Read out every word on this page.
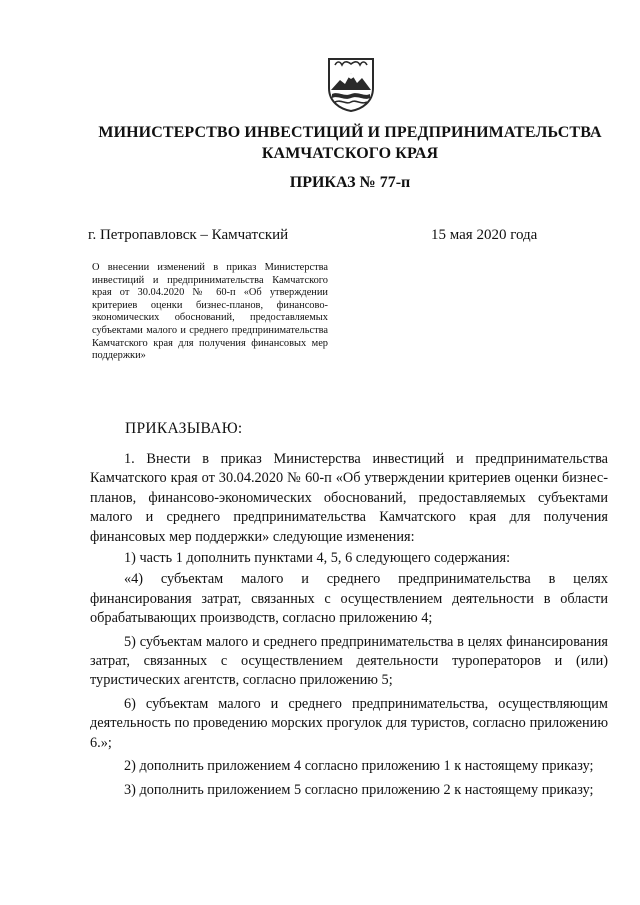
МИНИСТЕРСТВО ИНВЕСТИЦИЙ И ПРЕДПРИНИМАТЕЛЬСТВА
КАМЧАТСКОГО КРАЯ
ПРИКАЗ № 77-п
г. Петропавловск – Камчатский	15 мая 2020 года
О внесении изменений в приказ Министерства инвестиций и предпринимательства Камчатского края от 30.04.2020 № 60-п «Об утверждении критериев оценки бизнес-планов, финансово-экономических обоснований, предоставляемых субъектами малого и среднего предпринимательства Камчатского края для получения финансовых мер поддержки»
ПРИКАЗЫВАЮ:

1. Внести в приказ Министерства инвестиций и предпринимательства Камчатского края от 30.04.2020 № 60-п «Об утверждении критериев оценки бизнес-планов, финансово-экономических обоснований, предоставляемых субъектами малого и среднего предпринимательства Камчатского края для получения финансовых мер поддержки» следующие изменения:

1) часть 1 дополнить пунктами 4, 5, 6 следующего содержания:

«4) субъектам малого и среднего предпринимательства в целях финансирования затрат, связанных с осуществлением деятельности в области обрабатывающих производств, согласно приложению 4;

5) субъектам малого и среднего предпринимательства в целях финансирования затрат, связанных с осуществлением деятельности туроператоров и (или) туристических агентств, согласно приложению 5;

6) субъектам малого и среднего предпринимательства, осуществляющим деятельность по проведению морских прогулок для туристов, согласно приложению 6.»;

2) дополнить приложением 4 согласно приложению 1 к настоящему приказу;

3) дополнить приложением 5 согласно приложению 2 к настоящему приказу;
